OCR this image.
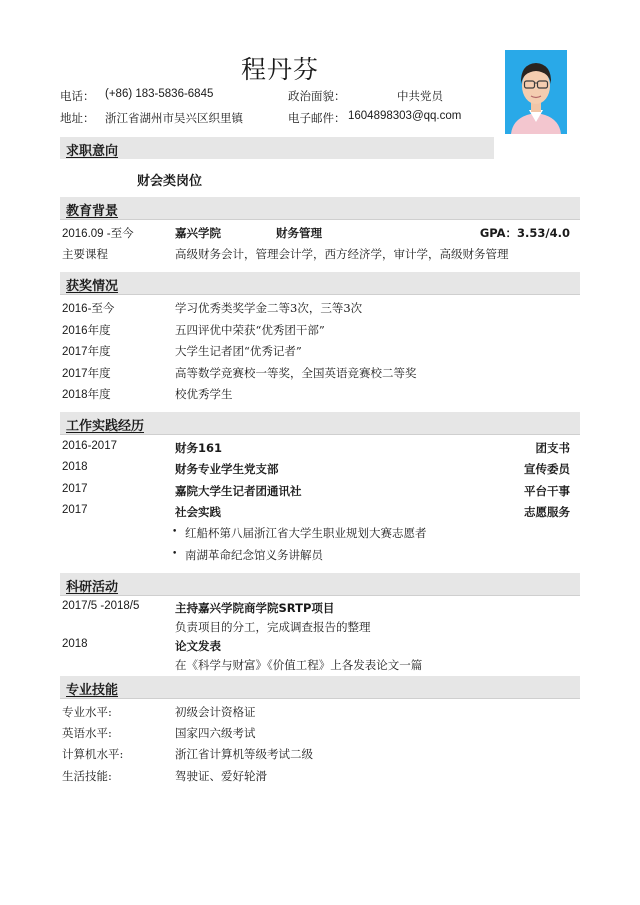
程丹芬
电话： (+86) 183-5836-6845	政治面貌：	中共党员
地址： 浙江省湖州市吴兴区织里镇	电子邮件： 1604898303@qq.com
求职意向
财会类岗位
教育背景
2016.09 -至今	嘉兴学院	财务管理	GPA：3.53/4.0
主要课程	高级财务会计，管理会计学，西方经济学，审计学，高级财务管理
获奖情况
2016-至今	学习优秀类奖学金二等3次，三等3次
2016年度	五四评优中荣获“优秀团干部”
2017年度	大学生记者团“优秀记者”
2017年度	高等数学竞赛校一等奖，全国英语竞赛校二等奖
2018年度	校优秀学生
工作实践经历
2016-2017	财务161	团支书
2018	财务专业学生党支部	宣传委员
2017	嘉院大学生记者团通讯社	平台干事
2017	社会实践	志愿服务
• 红船杯第八届浙江省大学生职业规划大赛志愿者
• 南湖革命纪念馆义务讲解员
科研活动
2017/5 -2018/5	主持嘉兴学院商学院SRTP项目
负责项目的分工，完成调查报告的整理
2018	论文发表
在《科学与财富》《价值工程》上各发表论文一篇
专业技能
专业水平:	初级会计资格证
英语水平:	国家四六级考试
计算机水平:	浙江省计算机等级考试二级
生活技能:	驾驶证、爱好轮滑
